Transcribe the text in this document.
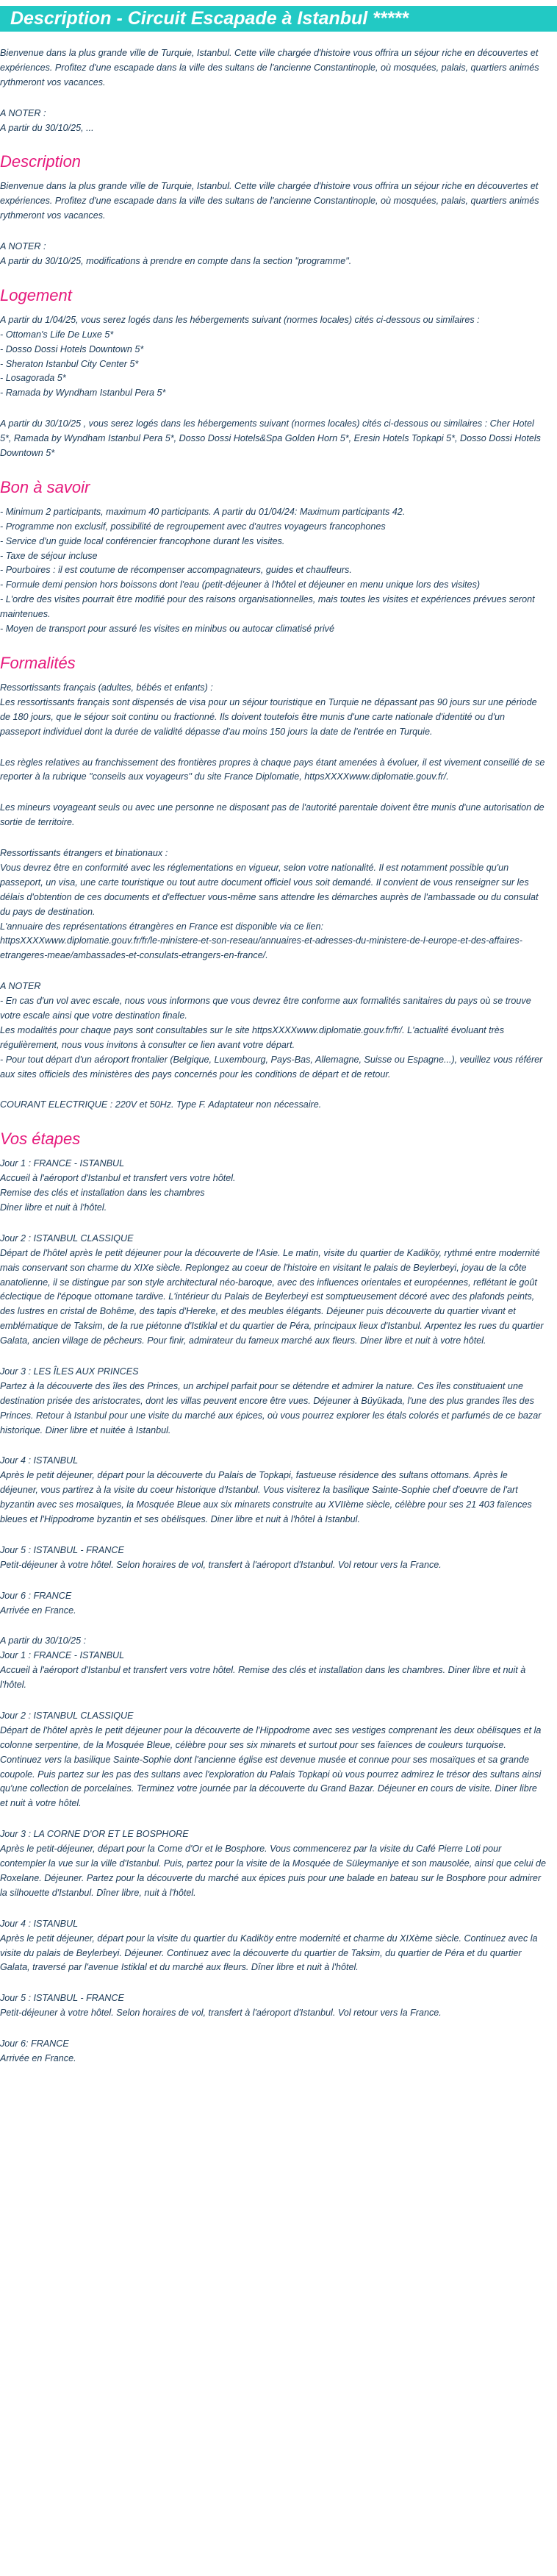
Description - Circuit Escapade à Istanbul *****
Bienvenue dans la plus grande ville de Turquie, Istanbul. Cette ville chargée d'histoire vous offrira un séjour riche en découvertes et expériences. Profitez d'une escapade dans la ville des sultans de l'ancienne Constantinople, où mosquées, palais, quartiers animés rythmeront vos vacances.
A NOTER :
A partir du 30/10/25, ...
Description
Bienvenue dans la plus grande ville de Turquie, Istanbul. Cette ville chargée d'histoire vous offrira un séjour riche en découvertes et expériences. Profitez d'une escapade dans la ville des sultans de l'ancienne Constantinople, où mosquées, palais, quartiers animés rythmeront vos vacances.
A NOTER :
A partir du 30/10/25, modifications à prendre en compte dans la section "programme".
Logement
A partir du 1/04/25, vous serez logés dans les hébergements suivant (normes locales) cités ci-dessous ou similaires :
- Ottoman's Life De Luxe 5*
- Dosso Dossi Hotels Downtown 5*
- Sheraton Istanbul City Center 5*
- Losagorada 5*
- Ramada by Wyndham Istanbul Pera 5*
A partir du 30/10/25 , vous serez logés dans les hébergements suivant (normes locales) cités ci-dessous ou similaires : Cher Hotel 5*, Ramada by Wyndham Istanbul Pera 5*, Dosso Dossi Hotels&Spa Golden Horn 5*, Eresin Hotels Topkapi 5*, Dosso Dossi Hotels Downtown 5*
Bon à savoir
- Minimum 2 participants, maximum 40 participants. A partir du 01/04/24: Maximum participants 42.
- Programme non exclusif, possibilité de regroupement avec d'autres voyageurs francophones
- Service d'un guide local conférencier francophone durant les visites.
- Taxe de séjour incluse
- Pourboires : il est coutume de récompenser accompagnateurs, guides et chauffeurs.
- Formule demi pension hors boissons dont l'eau (petit-déjeuner à l'hôtel et déjeuner en menu unique lors des visites)
- L'ordre des visites pourrait être modifié pour des raisons organisationnelles, mais toutes les visites et expériences prévues seront maintenues.
- Moyen de transport pour assuré les visites en minibus ou autocar climatisé privé
Formalités
Ressortissants français (adultes, bébés et enfants) :
Les ressortissants français sont dispensés de visa pour un séjour touristique en Turquie ne dépassant pas 90 jours sur une période de 180 jours, que le séjour soit continu ou fractionné. Ils doivent toutefois être munis d'une carte nationale d'identité ou d'un passeport individuel dont la durée de validité dépasse d'au moins 150 jours la date de l'entrée en Turquie.
Les règles relatives au franchissement des frontières propres à chaque pays étant amenées à évoluer, il est vivement conseillé de se reporter à la rubrique "conseils aux voyageurs" du site France Diplomatie, httpsXXXXwww.diplomatie.gouv.fr/.
Les mineurs voyageant seuls ou avec une personne ne disposant pas de l'autorité parentale doivent être munis d'une autorisation de sortie de territoire.
Ressortissants étrangers et binationaux :
Vous devrez être en conformité avec les réglementations en vigueur, selon votre nationalité. Il est notamment possible qu'un passeport, un visa, une carte touristique ou tout autre document officiel vous soit demandé. Il convient de vous renseigner sur les délais d'obtention de ces documents et d'effectuer vous-même sans attendre les démarches auprès de l'ambassade ou du consulat du pays de destination.
L'annuaire des représentations étrangères en France est disponible via ce lien:
httpsXXXXwww.diplomatie.gouv.fr/fr/le-ministere-et-son-reseau/annuaires-et-adresses-du-ministere-de-l-europe-et-des-affaires-etrangeres-meae/ambassades-et-consulats-etrangers-en-france/.
A NOTER
- En cas d'un vol avec escale, nous vous informons que vous devrez être conforme aux formalités sanitaires du pays où se trouve votre escale ainsi que votre destination finale.
Les modalités pour chaque pays sont consultables sur le site httpsXXXXwww.diplomatie.gouv.fr/fr/. L'actualité évoluant très régulièrement, nous vous invitons à consulter ce lien avant votre départ.
- Pour tout départ d'un aéroport frontalier (Belgique, Luxembourg, Pays-Bas, Allemagne, Suisse ou Espagne...), veuillez vous référer aux sites officiels des ministères des pays concernés pour les conditions de départ et de retour.
COURANT ELECTRIQUE : 220V et 50Hz. Type F. Adaptateur non nécessaire.
Vos étapes
Jour 1 : FRANCE - ISTANBUL
Accueil à l'aéroport d'Istanbul et transfert vers votre hôtel.
Remise des clés et installation dans les chambres
Diner libre et nuit à l'hôtel.
Jour 2 : ISTANBUL CLASSIQUE
Départ de l'hôtel après le petit déjeuner pour la découverte de l'Asie. Le matin, visite du quartier de Kadiköy, rythmé entre modernité mais conservant son charme du XIXe siècle. Replongez au coeur de l'histoire en visitant le palais de Beylerbeyi, joyau de la côte anatolienne, il se distingue par son style architectural néo-baroque, avec des influences orientales et européennes, reflétant le goût éclectique de l'époque ottomane tardive. L'intérieur du Palais de Beylerbeyi est somptueusement décoré avec des plafonds peints, des lustres en cristal de Bohême, des tapis d'Hereke, et des meubles élégants. Déjeuner puis découverte du quartier vivant et emblématique de Taksim, de la rue piétonne d'Istiklal et du quartier de Péra, principaux lieux d'Istanbul. Arpentez les rues du quartier Galata, ancien village de pêcheurs. Pour finir, admirateur du fameux marché aux fleurs. Diner libre et nuit à votre hôtel.
Jour 3 : LES ÎLES AUX PRINCES
Partez à la découverte des îles des Princes, un archipel parfait pour se détendre et admirer la nature. Ces îles constituaient une destination prisée des aristocrates, dont les villas peuvent encore être vues. Déjeuner à Büyükada, l'une des plus grandes îles des Princes. Retour à Istanbul pour une visite du marché aux épices, où vous pourrez explorer les étals colorés et parfumés de ce bazar historique. Diner libre et nuitée à Istanbul.
Jour 4 : ISTANBUL
Après le petit déjeuner, départ pour la découverte du Palais de Topkapi, fastueuse résidence des sultans ottomans. Après le déjeuner, vous partirez à la visite du coeur historique d'Istanbul. Vous visiterez la basilique Sainte-Sophie chef d'oeuvre de l'art byzantin avec ses mosaïques, la Mosquée Bleue aux six minarets construite au XVIIème siècle, célèbre pour ses 21 403 faïences bleues et l'Hippodrome byzantin et ses obélisques. Diner libre et nuit à l'hôtel à Istanbul.
Jour 5 : ISTANBUL - FRANCE
Petit-déjeuner à votre hôtel. Selon horaires de vol, transfert à l'aéroport d'Istanbul. Vol retour vers la France.
Jour 6 : FRANCE
Arrivée en France.
A partir du 30/10/25 :
Jour 1 : FRANCE - ISTANBUL
Accueil à l'aéroport d'Istanbul et transfert vers votre hôtel. Remise des clés et installation dans les chambres. Diner libre et nuit à l'hôtel.
Jour 2 : ISTANBUL CLASSIQUE
Départ de l'hôtel après le petit déjeuner pour la découverte de l'Hippodrome avec ses vestiges comprenant les deux obélisques et la colonne serpentine, de la Mosquée Bleue, célèbre pour ses six minarets et surtout pour ses faïences de couleurs turquoise. Continuez vers la basilique Sainte-Sophie dont l'ancienne église est devenue musée et connue pour ses mosaïques et sa grande coupole. Puis partez sur les pas des sultans avec l'exploration du Palais Topkapi où vous pourrez admirez le trésor des sultans ainsi qu'une collection de porcelaines. Terminez votre journée par la découverte du Grand Bazar. Déjeuner en cours de visite. Diner libre et nuit à votre hôtel.
Jour 3 : LA CORNE D'OR ET LE BOSPHORE
Après le petit-déjeuner, départ pour la Corne d'Or et le Bosphore. Vous commencerez par la visite du Café Pierre Loti pour contempler la vue sur la ville d'Istanbul. Puis, partez pour la visite de la Mosquée de Süleymaniye et son mausolée, ainsi que celui de Roxelane. Déjeuner. Partez pour la découverte du marché aux épices puis pour une balade en bateau sur le Bosphore pour admirer la silhouette d'Istanbul. Dîner libre, nuit à l'hôtel.
Jour 4 : ISTANBUL
Après le petit déjeuner, départ pour la visite du quartier du Kadiköy entre modernité et charme du XIXème siècle. Continuez avec la visite du palais de Beylerbeyi. Déjeuner. Continuez avec la découverte du quartier de Taksim, du quartier de Péra et du quartier Galata, traversé par l'avenue Istiklal et du marché aux fleurs. Dîner libre et nuit à l'hôtel.
Jour 5 : ISTANBUL - FRANCE
Petit-déjeuner à votre hôtel. Selon horaires de vol, transfert à l'aéroport d'Istanbul. Vol retour vers la France.
Jour 6: FRANCE
Arrivée en France.
